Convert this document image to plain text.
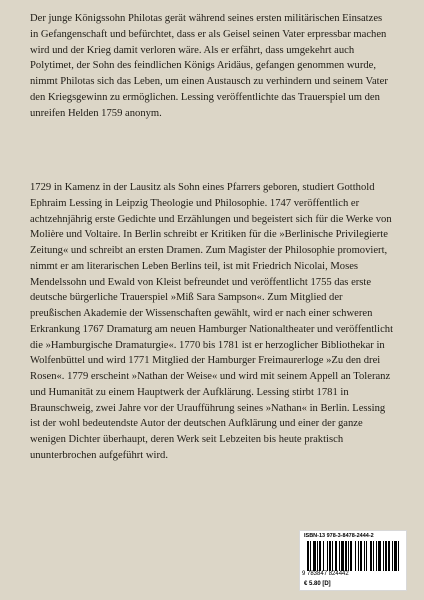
Der junge Königssohn Philotas gerät während seines ersten militärischen Einsatzes in Gefangenschaft und befürchtet, dass er als Geisel seinen Vater erpressbar machen wird und der Krieg damit verloren wäre. Als er erfährt, dass umgekehrt auch Polytimet, der Sohn des feindlichen Königs Aridäus, gefangen genommen wurde, nimmt Philotas sich das Leben, um einen Austausch zu verhindern und seinem Vater den Kriegsgewinn zu ermöglichen. Lessing veröffentlichte das Trauerspiel um den unreifen Helden 1759 anonym.

1729 in Kamenz in der Lausitz als Sohn eines Pfarrers geboren, studiert Gotthold Ephraim Lessing in Leipzig Theologie und Philosophie. 1747 veröffentlich er achtzehnjährig erste Gedichte und Erzählungen und begeistert sich für die Werke von Molière und Voltaire. In Berlin schreibt er Kritiken für die »Berlinische Privilegierte Zeitung« und schreibt an ersten Dramen. Zum Magister der Philosophie promoviert, nimmt er am literarischen Leben Berlins teil, ist mit Friedrich Nicolai, Moses Mendelssohn und Ewald von Kleist befreundet und veröffentlicht 1755 das erste deutsche bürgerliche Trauerspiel »Miß Sara Sampson«. Zum Mitglied der preußischen Akademie der Wissenschaften gewählt, wird er nach einer schweren Erkrankung 1767 Dramaturg am neuen Hamburger Nationaltheater und veröffentlicht die »Hamburgische Dramaturgie«. 1770 bis 1781 ist er herzoglicher Bibliothekar in Wolfenbüttel und wird 1771 Mitglied der Hamburger Freimaurerloge »Zu den drei Rosen«. 1779 erscheint »Nathan der Weise« und wird mit seinem Appell an Toleranz und Humanität zu einem Hauptwerk der Aufklärung. Lessing stirbt 1781 in Braunschweig, zwei Jahre vor der Uraufführung seines »Nathan« in Berlin. Lessing ist der wohl bedeutendste Autor der deutschen Aufklärung und einer der ganze wenigen Dichter überhaupt, deren Werk seit Lebzeiten bis heute praktisch ununterbrochen aufgeführt wird.

ISBN-13 978-3-8478-2444-2
9 783847 824442
€ 5.80 [D]
